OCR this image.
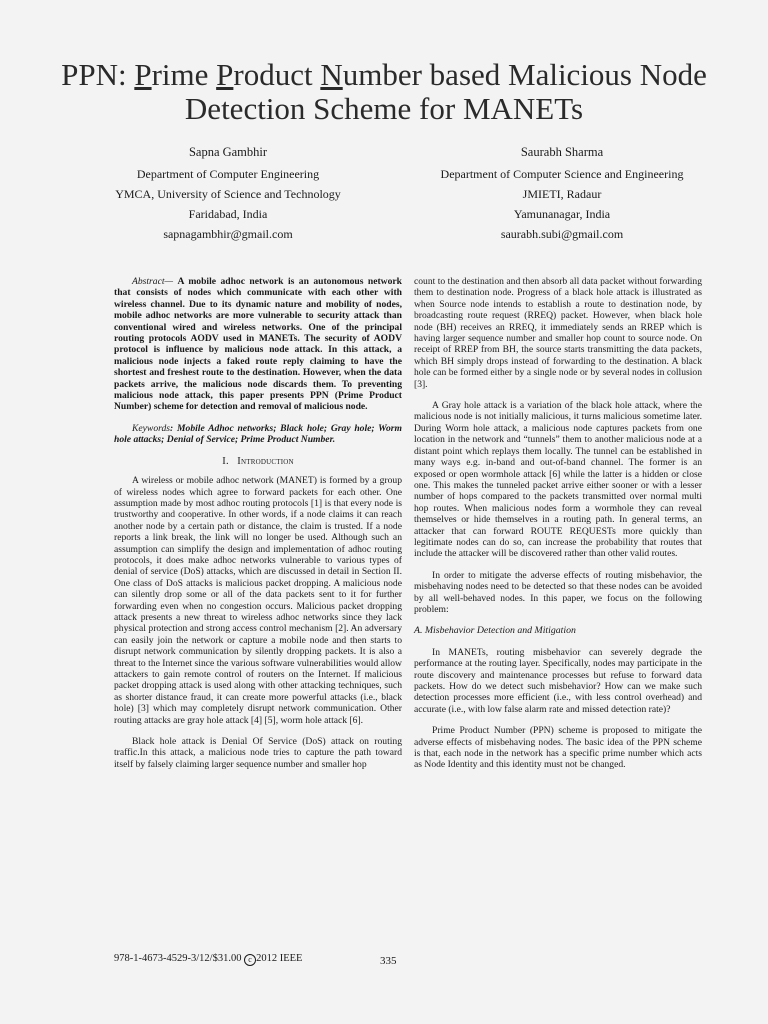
PPN: Prime Product Number based Malicious Node
Detection Scheme for MANETs
Sapna Gambhir
Department of Computer Engineering
YMCA, University of Science and Technology
Faridabad, India
sapnagambhir@gmail.com
Saurabh Sharma
Department of Computer Science and Engineering
JMIETI, Radaur
Yamunanagar, India
saurabh.subi@gmail.com

Abstract— A mobile adhoc network is an autonomous network that consists of nodes which communicate with each other with wireless channel. Due to its dynamic nature and mobility of nodes, mobile adhoc networks are more vulnerable to security attack than conventional wired and wireless networks. One of the principal routing protocols AODV used in MANETs. The security of AODV protocol is influence by malicious node attack. In this attack, a malicious node injects a faked route reply claiming to have the shortest and freshest route to the destination. However, when the data packets arrive, the malicious node discards them. To preventing malicious node attack, this paper presents PPN (Prime Product Number) scheme for detection and removal of malicious node.

Keywords: Mobile Adhoc networks; Black hole; Gray hole; Worm hole attacks; Denial of Service; Prime Product Number.

I. Introduction

A wireless or mobile adhoc network (MANET) is formed by a group of wireless nodes which agree to forward packets for each other. One assumption made by most adhoc routing protocols [1] is that every node is trustworthy and cooperative. In other words, if a node claims it can reach another node by a certain path or distance, the claim is trusted. If a node reports a link break, the link will no longer be used. Although such an assumption can simplify the design and implementation of adhoc routing protocols, it does make adhoc networks vulnerable to various types of denial of service (DoS) attacks, which are discussed in detail in Section II. One class of DoS attacks is malicious packet dropping. A malicious node can silently drop some or all of the data packets sent to it for further forwarding even when no congestion occurs. Malicious packet dropping attack presents a new threat to wireless adhoc networks since they lack physical protection and strong access control mechanism [2]. An adversary can easily join the network or capture a mobile node and then starts to disrupt network communication by silently dropping packets. It is also a threat to the Internet since the various software vulnerabilities would allow attackers to gain remote control of routers on the Internet. If malicious packet dropping attack is used along with other attacking techniques, such as shorter distance fraud, it can create more powerful attacks (i.e., black hole) [3] which may completely disrupt network communication. Other routing attacks are gray hole attack [4] [5], worm hole attack [6].

Black hole attack is Denial Of Service (DoS) attack on routing traffic.In this attack, a malicious node tries to capture the path toward itself by falsely claiming larger sequence number and smaller hop

count to the destination and then absorb all data packet without forwarding them to destination node. Progress of a black hole attack is illustrated as when Source node intends to establish a route to destination node, by broadcasting route request (RREQ) packet. However, when black hole node (BH) receives an RREQ, it immediately sends an RREP which is having larger sequence number and smaller hop count to source node. On receipt of RREP from BH, the source starts transmitting the data packets, which BH simply drops instead of forwarding to the destination. A black hole can be formed either by a single node or by several nodes in collusion [3].

A Gray hole attack is a variation of the black hole attack, where the malicious node is not initially malicious, it turns malicious sometime later. During Worm hole attack, a malicious node captures packets from one location in the network and “tunnels” them to another malicious node at a distant point which replays them locally. The tunnel can be established in many ways e.g. in-band and out-of-band channel. The former is an exposed or open wormhole attack [6] while the latter is a hidden or close one. This makes the tunneled packet arrive either sooner or with a lesser number of hops compared to the packets transmitted over normal multi hop routes. When malicious nodes form a wormhole they can reveal themselves or hide themselves in a routing path. In general terms, an attacker that can forward ROUTE REQUESTs more quickly than legitimate nodes can do so, can increase the probability that routes that include the attacker will be discovered rather than other valid routes.

In order to mitigate the adverse effects of routing misbehavior, the misbehaving nodes need to be detected so that these nodes can be avoided by all well-behaved nodes. In this paper, we focus on the following problem:

A. Misbehavior Detection and Mitigation

In MANETs, routing misbehavior can severely degrade the performance at the routing layer. Specifically, nodes may participate in the route discovery and maintenance processes but refuse to forward data packets. How do we detect such misbehavior? How can we make such detection processes more efficient (i.e., with less control overhead) and accurate (i.e., with low false alarm rate and missed detection rate)?

Prime Product Number (PPN) scheme is proposed to mitigate the adverse effects of misbehaving nodes. The basic idea of the PPN scheme is that, each node in the network has a specific prime number which acts as Node Identity and this identity must not be changed.

978-1-4673-4529-3/12/$31.00 c 2012 IEEE	335
